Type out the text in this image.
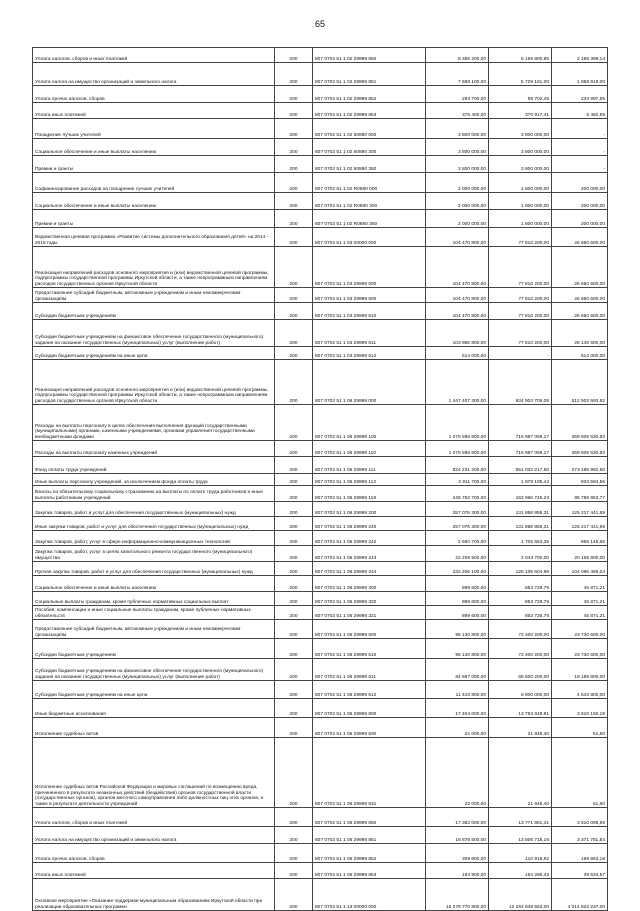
65
Уплата налогов, сборов и иных платежей	200	807 0702 51 1 02 29999 850	8 356 200,00	6 159 800,86	2 196 399,14
Уплата налога на имущество организаций и земельного налога	200	807 0702 51 1 02 29999 851	7 688 100,00	5 729 181,00	1 958 919,00
Уплата прочих налогов, сборов	200	807 0702 51 1 02 29999 852	293 700,00	59 702,45	233 997,55
Уплата иных платежей	200	807 0702 51 1 02 29999 853	376 400,00	370 917,41	5 482,59
Поощрение лучших учителей	200	807 0702 51 1 02 50880 000	3 800 000,00	3 800 000,00	-
Социальное обеспечение и иные выплаты населению	200	807 0702 51 1 02 50880 300	3 800 000,00	3 800 000,00	-
Премии и гранты	200	807 0702 51 1 02 50880 350	3 800 000,00	3 800 000,00	-
Софинансирование расходов на поощрение лучших учителей	200	807 0702 51 1 02 R0880 000	2 000 000,00	1 800 000,00	200 000,00
Социальное обеспечение и иные выплаты населению	200	807 0702 51 1 02 R0880 300	2 000 000,00	1 800 000,00	200 000,00
Премии и гранты	200	807 0702 51 1 02 R0880 350	2 000 000,00	1 800 000,00	200 000,00
Ведомственная целевая программа «Развитие системы дополнительного образования детей» на 2014 - 2018 годы	200	807 0702 51 1 03 00000 000	104 470 800,00	77 810 200,00	26 660 600,00
Реализация направлений расходов основного мероприятия и (или) ведомственной целевой программы, подпрограммы государственной программы Иркутской области, а также непрограммным направлениям расходов государственных органов Иркутской области	200	807 0702 51 1 03 29999 000	104 470 800,00	77 810 200,00	26 660 600,00
Предоставление субсидий бюджетным, автономным учреждениям и иным некоммерческим организациям	200	807 0702 51 1 03 29999 600	104 470 800,00	77 810 200,00	26 660 600,00
Субсидии бюджетным учреждениям	200	807 0702 51 1 03 29999 610	104 470 800,00	77 810 200,00	26 660 600,00
Субсидии бюджетным учреждениям на финансовое обеспечение государственного (муниципального) задания на оказание государственных (муниципальных) услуг (выполнение работ)	200	807 0702 51 1 03 29999 611	103 956 800,00	77 810 200,00	26 146 600,00
Субсидии бюджетным учреждениям на иные цели	200	807 0702 51 1 03 29999 612	514 000,00	-	514 000,00
Реализация направлений расходов основного мероприятия и (или) ведомственной целевой программы, подпрограммы государственной программы Иркутской области, а также непрограммным направлениям расходов государственных органов Иркутской области	200	807 0702 51 1 06 29999 000	1 447 407 300,00	934 903 706,08	512 503 593,92
Расходы на выплаты персоналу в целях обеспечения выполнения функций государственными (муниципальными) органами, казенными учреждениями, органами управления государственными внебюджетными фондами	200	807 0702 51 1 06 29999 100	1 075 596 600,00	715 987 069,17	359 609 530,83
Расходы на выплаты персоналу казенных учреждений	200	807 0702 51 1 06 29999 110	1 075 596 600,00	715 987 069,17	359 609 530,83
Фонд оплаты труда учреждений	200	807 0702 51 1 06 29999 111	824 231 200,00	551 032 217,50	273 198 982,50
Иные выплаты персоналу учреждений, за исключением фонда оплаты труда	200	807 0702 51 1 06 29999 112	2 911 700,00	1 978 105,44	933 594,56
Взносы по обязательному социальному страхованию на выплаты по оплате труда работников и иные выплаты работникам учреждений	200	807 0702 51 1 06 29999 119	248 753 700,00	162 966 746,23	85 786 953,77
Закупка товаров, работ и услуг для обеспечения государственных (муниципальных) нужд	200	807 0702 51 1 06 29999 200	257 076 300,00	131 858 858,31	125 217 441,69
Иные закупки товаров, работ и услуг для обеспечения государственных (муниципальных) нужд	200	807 0702 51 1 06 29999 240	257 076 300,00	131 858 858,31	125 217 441,69
Закупка товаров, работ, услуг в сфере информационно-коммуникационных технологий	200	807 0702 51 1 06 29999 242	2 660 700,00	1 705 553,35	955 146,65
Закупка товаров, работ, услуг в целях капитального ремонта государственного (муниципального) имущества	200	807 0702 51 1 06 29999 243	22 209 500,00	2 043 700,00	20 165 800,00
Прочая закупка товаров, работ и услуг для обеспечения государственных (муниципальных) нужд	200	807 0702 51 1 06 29999 244	232 206 100,00	128 109 604,96	104 096 495,04
Социальное обеспечение и иные выплаты населению	200	807 0702 51 1 06 29999 300	899 600,00	853 728,79	45 871,21
Социальные выплаты гражданам, кроме публичных нормативных социальных выплат	200	807 0702 51 1 06 29999 320	899 600,00	853 728,79	45 871,21
Пособия, компенсации и иные социальные выплаты гражданам, кроме публичных нормативных обязательств	200	807 0702 51 1 06 29999 321	899 600,00	853 728,79	45 871,21
Предоставление субсидий бюджетным, автономным учреждениям и иным некоммерческим организациям	200	807 0702 51 1 06 29999 600	96 130 800,00	72 400 200,00	23 730 600,00
Субсидии бюджетным учреждениям	200	807 0702 51 1 06 29999 610	96 130 800,00	72 400 200,00	23 730 600,00
Субсидии бюджетным учреждениям на финансовое обеспечение государственного (муниципального) задания на оказание государственных (муниципальных) услуг (выполнение работ)	200	807 0702 51 1 06 29999 611	84 687 000,00	65 500 200,00	19 186 800,00
Субсидии бюджетным учреждениям на иные цели	200	807 0702 51 1 06 29999 612	11 443 800,00	6 900 000,00	4 543 800,00
Иные бюджетные ассигнования	200	807 0702 51 1 06 29999 800	17 404 000,00	13 793 849,81	3 610 150,19
Исполнение судебных актов	200	807 0702 51 1 06 29999 830	22 000,00	21 948,40	51,60
Исполнение судебных актов Российской Федерации и мировых соглашений по возмещению вреда, причиненного в результате незаконных действий (бездействия) органов государственной власти (государственных органов), органов местного самоуправления либо должностных лиц этих органов, а также в результате деятельности учреждений	200	807 0702 51 1 06 29999 831	22 000,00	21 948,40	51,60
Уплата налогов, сборов и иных платежей	200	807 0702 51 1 06 29999 850	17 382 000,00	13 771 901,41	3 610 098,59
Уплата налога на имущество организаций и земельного налога	200	807 0702 51 1 06 29999 851	16 878 500,00	13 506 718,16	3 371 781,84
Уплата прочих налогов, сборов	200	807 0702 51 1 06 29999 852	309 600,00	110 916,82	198 683,18
Уплата иных платежей	200	807 0702 51 1 06 29999 853	193 900,00	154 266,43	39 633,57
Основное мероприятие «Оказание поддержки муниципальным образованиям Иркутской области при реализации образовательных программ»	200	807 0702 51 1 13 00000 000	16 279 770 800,00	12 264 948 563,00	4 014 822 237,00
